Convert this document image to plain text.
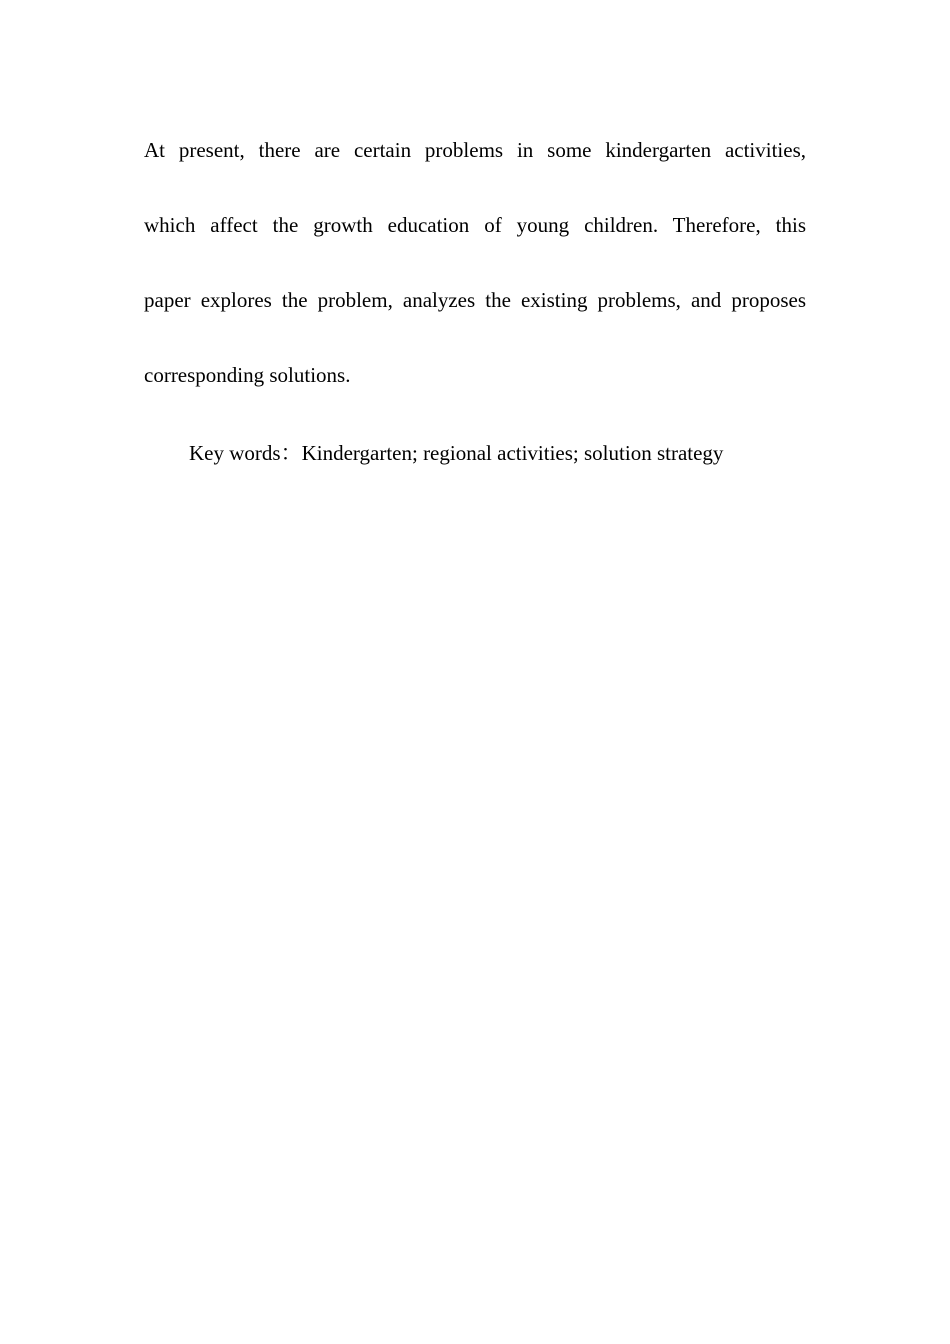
At present, there are certain problems in some kindergarten activities,
which affect the growth education of young children. Therefore, this
paper explores the problem, analyzes the existing problems, and proposes
corresponding solutions.

Key words：Kindergarten; regional activities; solution strategy
